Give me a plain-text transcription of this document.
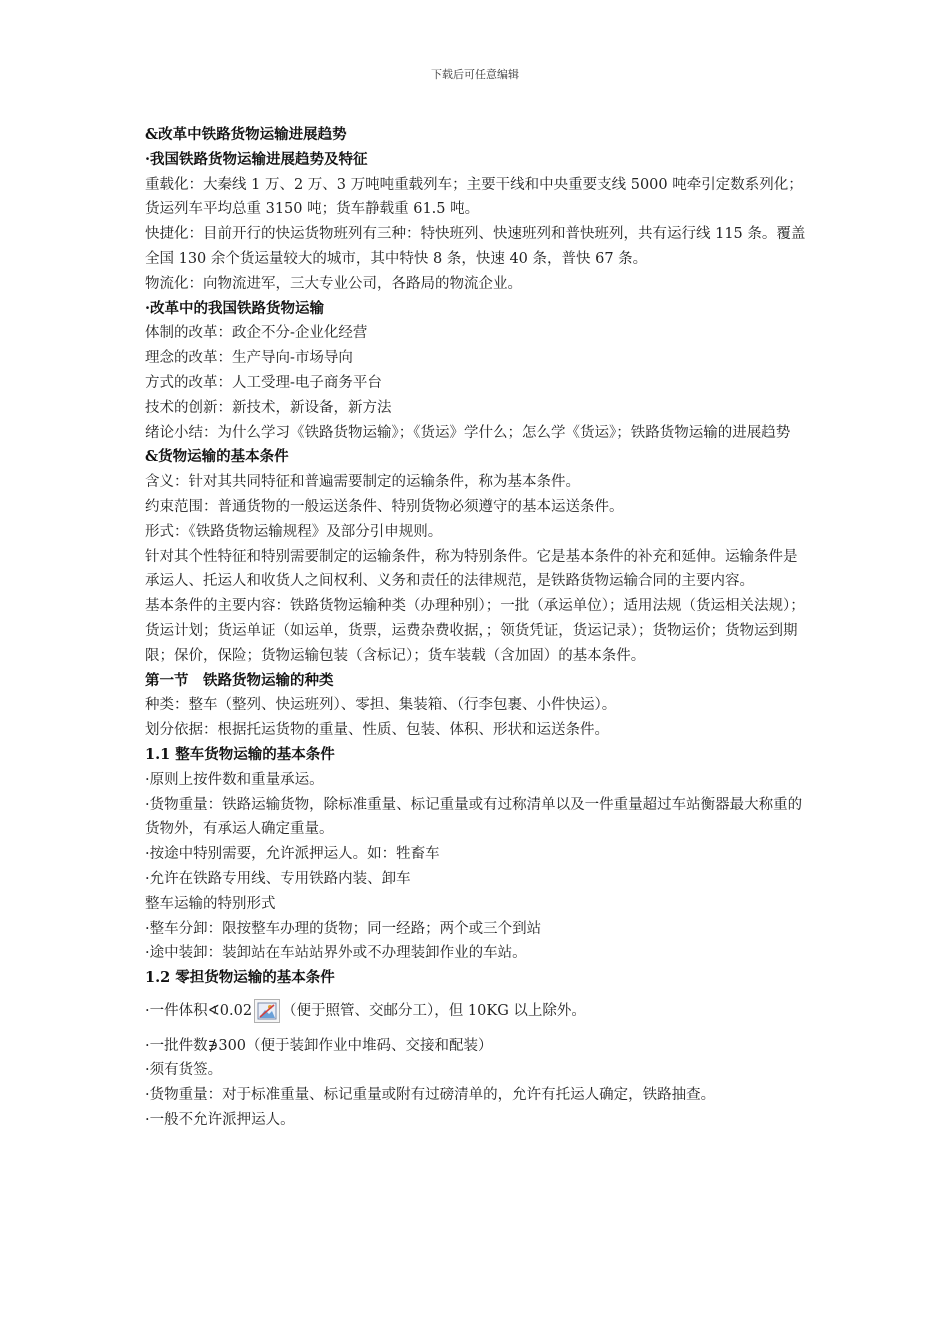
下载后可任意编辑

&改革中铁路货物运输进展趋势

·我国铁路货物运输进展趋势及特征

重载化：大秦线 1 万、2 万、3 万吨吨重载列车；主要干线和中央重要支线 5000 吨牵引定数系列化；货运列车平均总重 3150 吨；货车静载重 61.5 吨。

快捷化：目前开行的快运货物班列有三种：特快班列、快速班列和普快班列，共有运行线 115 条。覆盖全国 130 余个货运量较大的城市，其中特快 8 条，快速 40 条，普快 67 条。

物流化：向物流进军，三大专业公司，各路局的物流企业。

·改革中的我国铁路货物运输

体制的改革：政企不分-企业化经营

理念的改革：生产导向-市场导向

方式的改革：人工受理-电子商务平台

技术的创新：新技术，新设备，新方法

绪论小结：为什么学习《铁路货物运输》；《货运》学什么；怎么学《货运》；铁路货物运输的进展趋势

&货物运输的基本条件

含义：针对其共同特征和普遍需要制定的运输条件，称为基本条件。

约束范围：普通货物的一般运送条件、特别货物必须遵守的基本运送条件。

形式：《铁路货物运输规程》及部分引申规则。

针对其个性特征和特别需要制定的运输条件，称为特别条件。它是基本条件的补充和延伸。运输条件是承运人、托运人和收货人之间权利、义务和责任的法律规范，是铁路货物运输合同的主要内容。

基本条件的主要内容：铁路货物运输种类（办理种别）；一批（承运单位）；适用法规（货运相关法规）；货运计划；货运单证（如运单，货票，运费杂费收据，；领货凭证，货运记录）；货物运价；货物运到期限；保价，保险；货物运输包装（含标记）；货车装载（含加固）的基本条件。

第一节　铁路货物运输的种类

种类：整车（整列、快运班列）、零担、集装箱、（行李包裹、小件快运）。

划分依据：根据托运货物的重量、性质、包装、体积、形状和运送条件。

1.1 整车货物运输的基本条件

·原则上按件数和重量承运。

·货物重量：铁路运输货物，除标准重量、标记重量或有过称清单以及一件重量超过车站衡器最大称重的货物外，有承运人确定重量。

·按途中特别需要，允许派押运人。如：牲畜车

·允许在铁路专用线、专用铁路内装、卸车

整车运输的特别形式

·整车分卸：限按整车办理的货物；同一经路；两个或三个到站

·途中装卸：装卸站在车站站界外或不办理装卸作业的车站。

1.2 零担货物运输的基本条件

·一件体积∢0.02 （便于照管、交邮分工），但 10KG 以上除外。

·一批件数∌300（便于装卸作业中堆码、交接和配装）

·须有货签。

·货物重量：对于标准重量、标记重量或附有过磅清单的，允许有托运人确定，铁路抽查。

·一般不允许派押运人。
